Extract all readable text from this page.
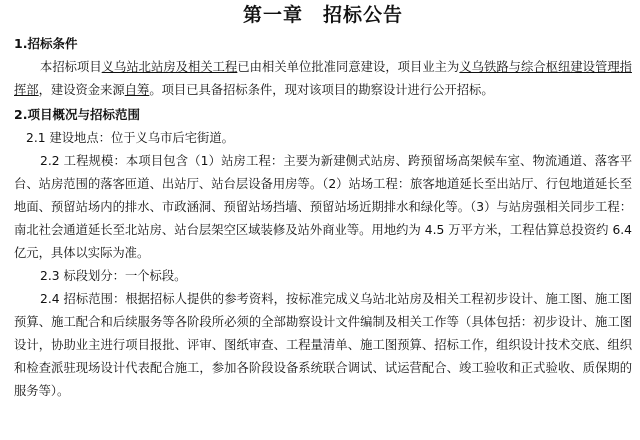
第一章　招标公告
1.招标条件

本招标项目义乌站北站房及相关工程已由相关单位批准同意建设，项目业主为义乌铁路与综合枢纽建设管理指挥部，建设资金来源自筹。项目已具备招标条件，现对该项目的勘察设计进行公开招标。

2.项目概况与招标范围

2.1 建设地点：位于义乌市后宅街道。

2.2 工程规模：本项目包含（1）站房工程：主要为新建侧式站房、跨预留场高架候车室、物流通道、落客平台、站房范围的落客匝道、出站厅、站台层设备用房等。（2）站场工程：旅客地道延长至出站厅、行包地道延长至地面、预留站场内的排水、市政涵洞、预留站场挡墙、预留站场近期排水和绿化等。（3）与站房强相关同步工程：南北社会通道延长至北站房、站台层架空区域装修及站外商业等。用地约为 4.5 万平方米，工程估算总投资约 6.4 亿元，具体以实际为准。

2.3 标段划分：一个标段。

2.4 招标范围：根据招标人提供的参考资料，按标准完成义乌站北站房及相关工程初步设计、施工图、施工图预算、施工配合和后续服务等各阶段所必须的全部勘察设计文件编制及相关工作等（具体包括：初步设计、施工图设计，协助业主进行项目报批、评审、图纸审查、工程量清单、施工图预算、招标工作，组织设计技术交底、组织和检查派驻现场设计代表配合施工，参加各阶段设备系统联合调试、试运营配合、竣工验收和正式验收、质保期的服务等）。
